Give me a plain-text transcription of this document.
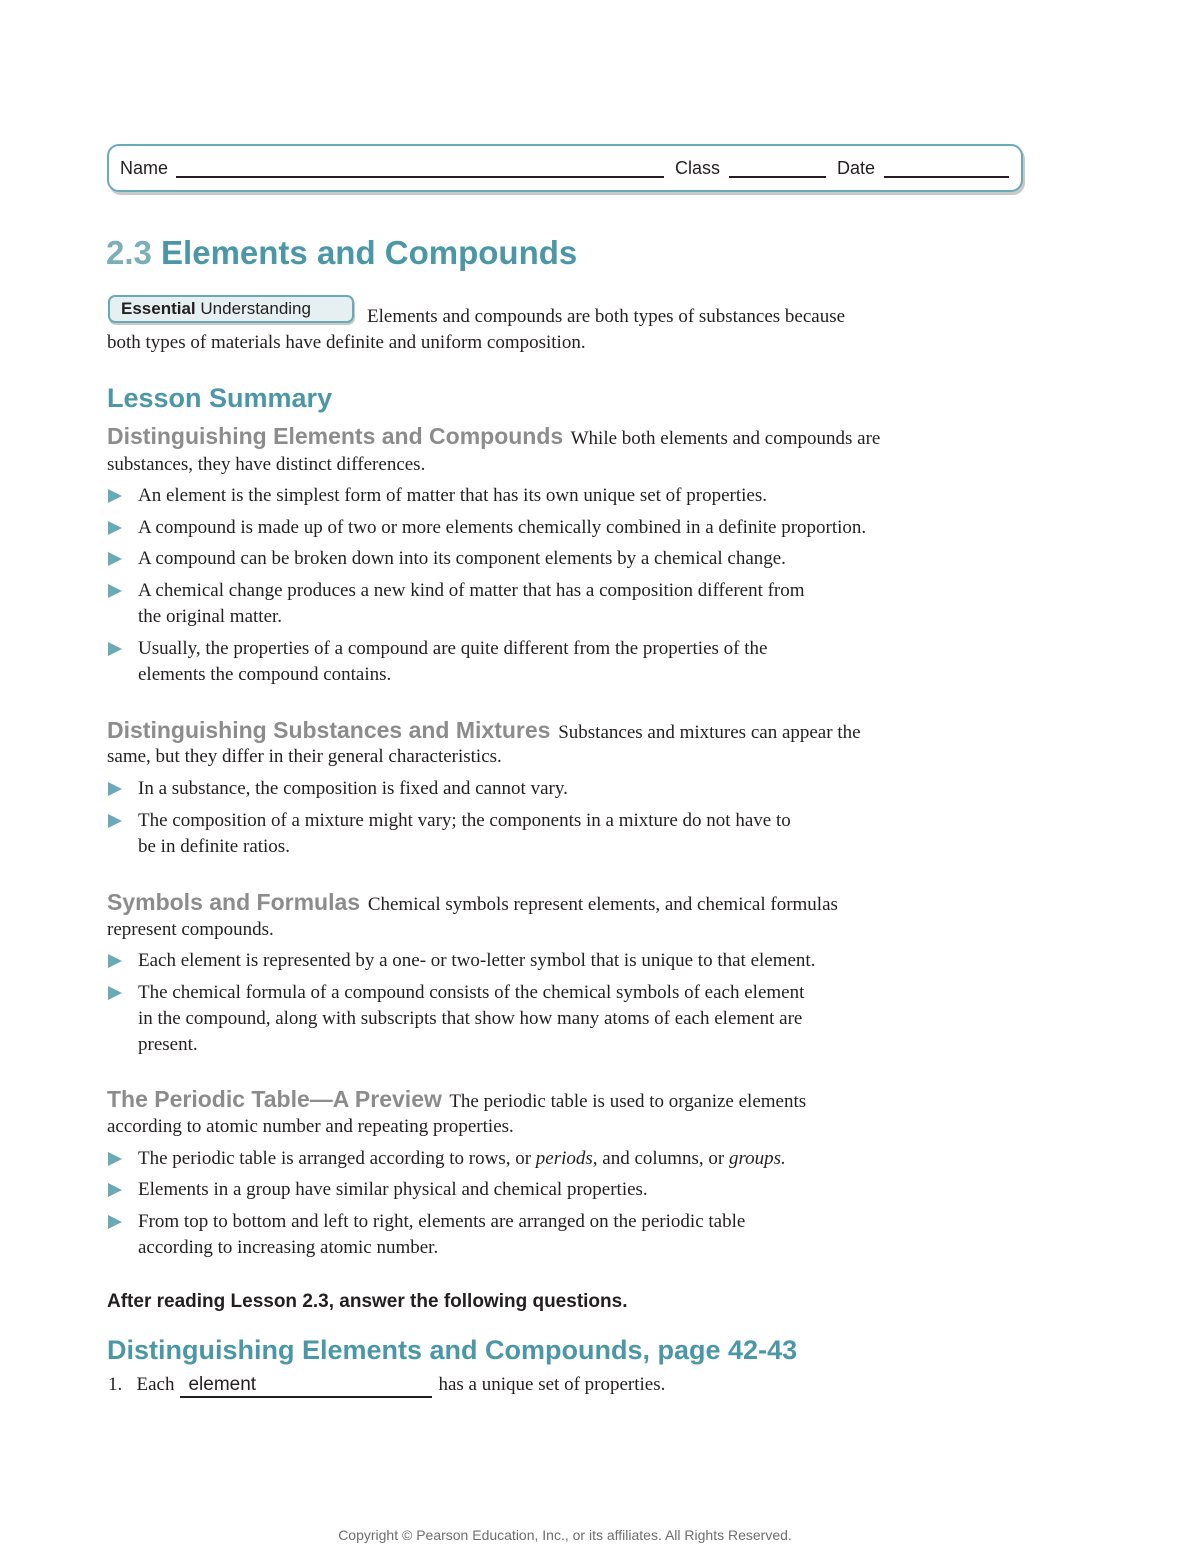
Name	Class	Date
2.3 Elements and Compounds
Essential Understanding	Elements and compounds are both types of substances because
both types of materials have definite and uniform composition.
Lesson Summary
Distinguishing Elements and Compounds While both elements and compounds are
substances, they have distinct differences.
An element is the simplest form of matter that has its own unique set of properties.
A compound is made up of two or more elements chemically combined in a definite proportion.
A compound can be broken down into its component elements by a chemical change.
A chemical change produces a new kind of matter that has a composition different from
the original matter.
Usually, the properties of a compound are quite different from the properties of the
elements the compound contains.
Distinguishing Substances and Mixtures Substances and mixtures can appear the
same, but they differ in their general characteristics.
In a substance, the composition is fixed and cannot vary.
The composition of a mixture might vary; the components in a mixture do not have to
be in definite ratios.
Symbols and Formulas Chemical symbols represent elements, and chemical formulas
represent compounds.
Each element is represented by a one- or two-letter symbol that is unique to that element.
The chemical formula of a compound consists of the chemical symbols of each element
in the compound, along with subscripts that show how many atoms of each element are
present.
The Periodic Table—A Preview The periodic table is used to organize elements
according to atomic number and repeating properties.
The periodic table is arranged according to rows, or periods, and columns, or groups.
Elements in a group have similar physical and chemical properties.
From top to bottom and left to right, elements are arranged on the periodic table
according to increasing atomic number.
After reading Lesson 2.3, answer the following questions.
Distinguishing Elements and Compounds, page 42-43
1. Each element	has a unique set of properties.
Copyright © Pearson Education, Inc., or its affiliates. All Rights Reserved.
